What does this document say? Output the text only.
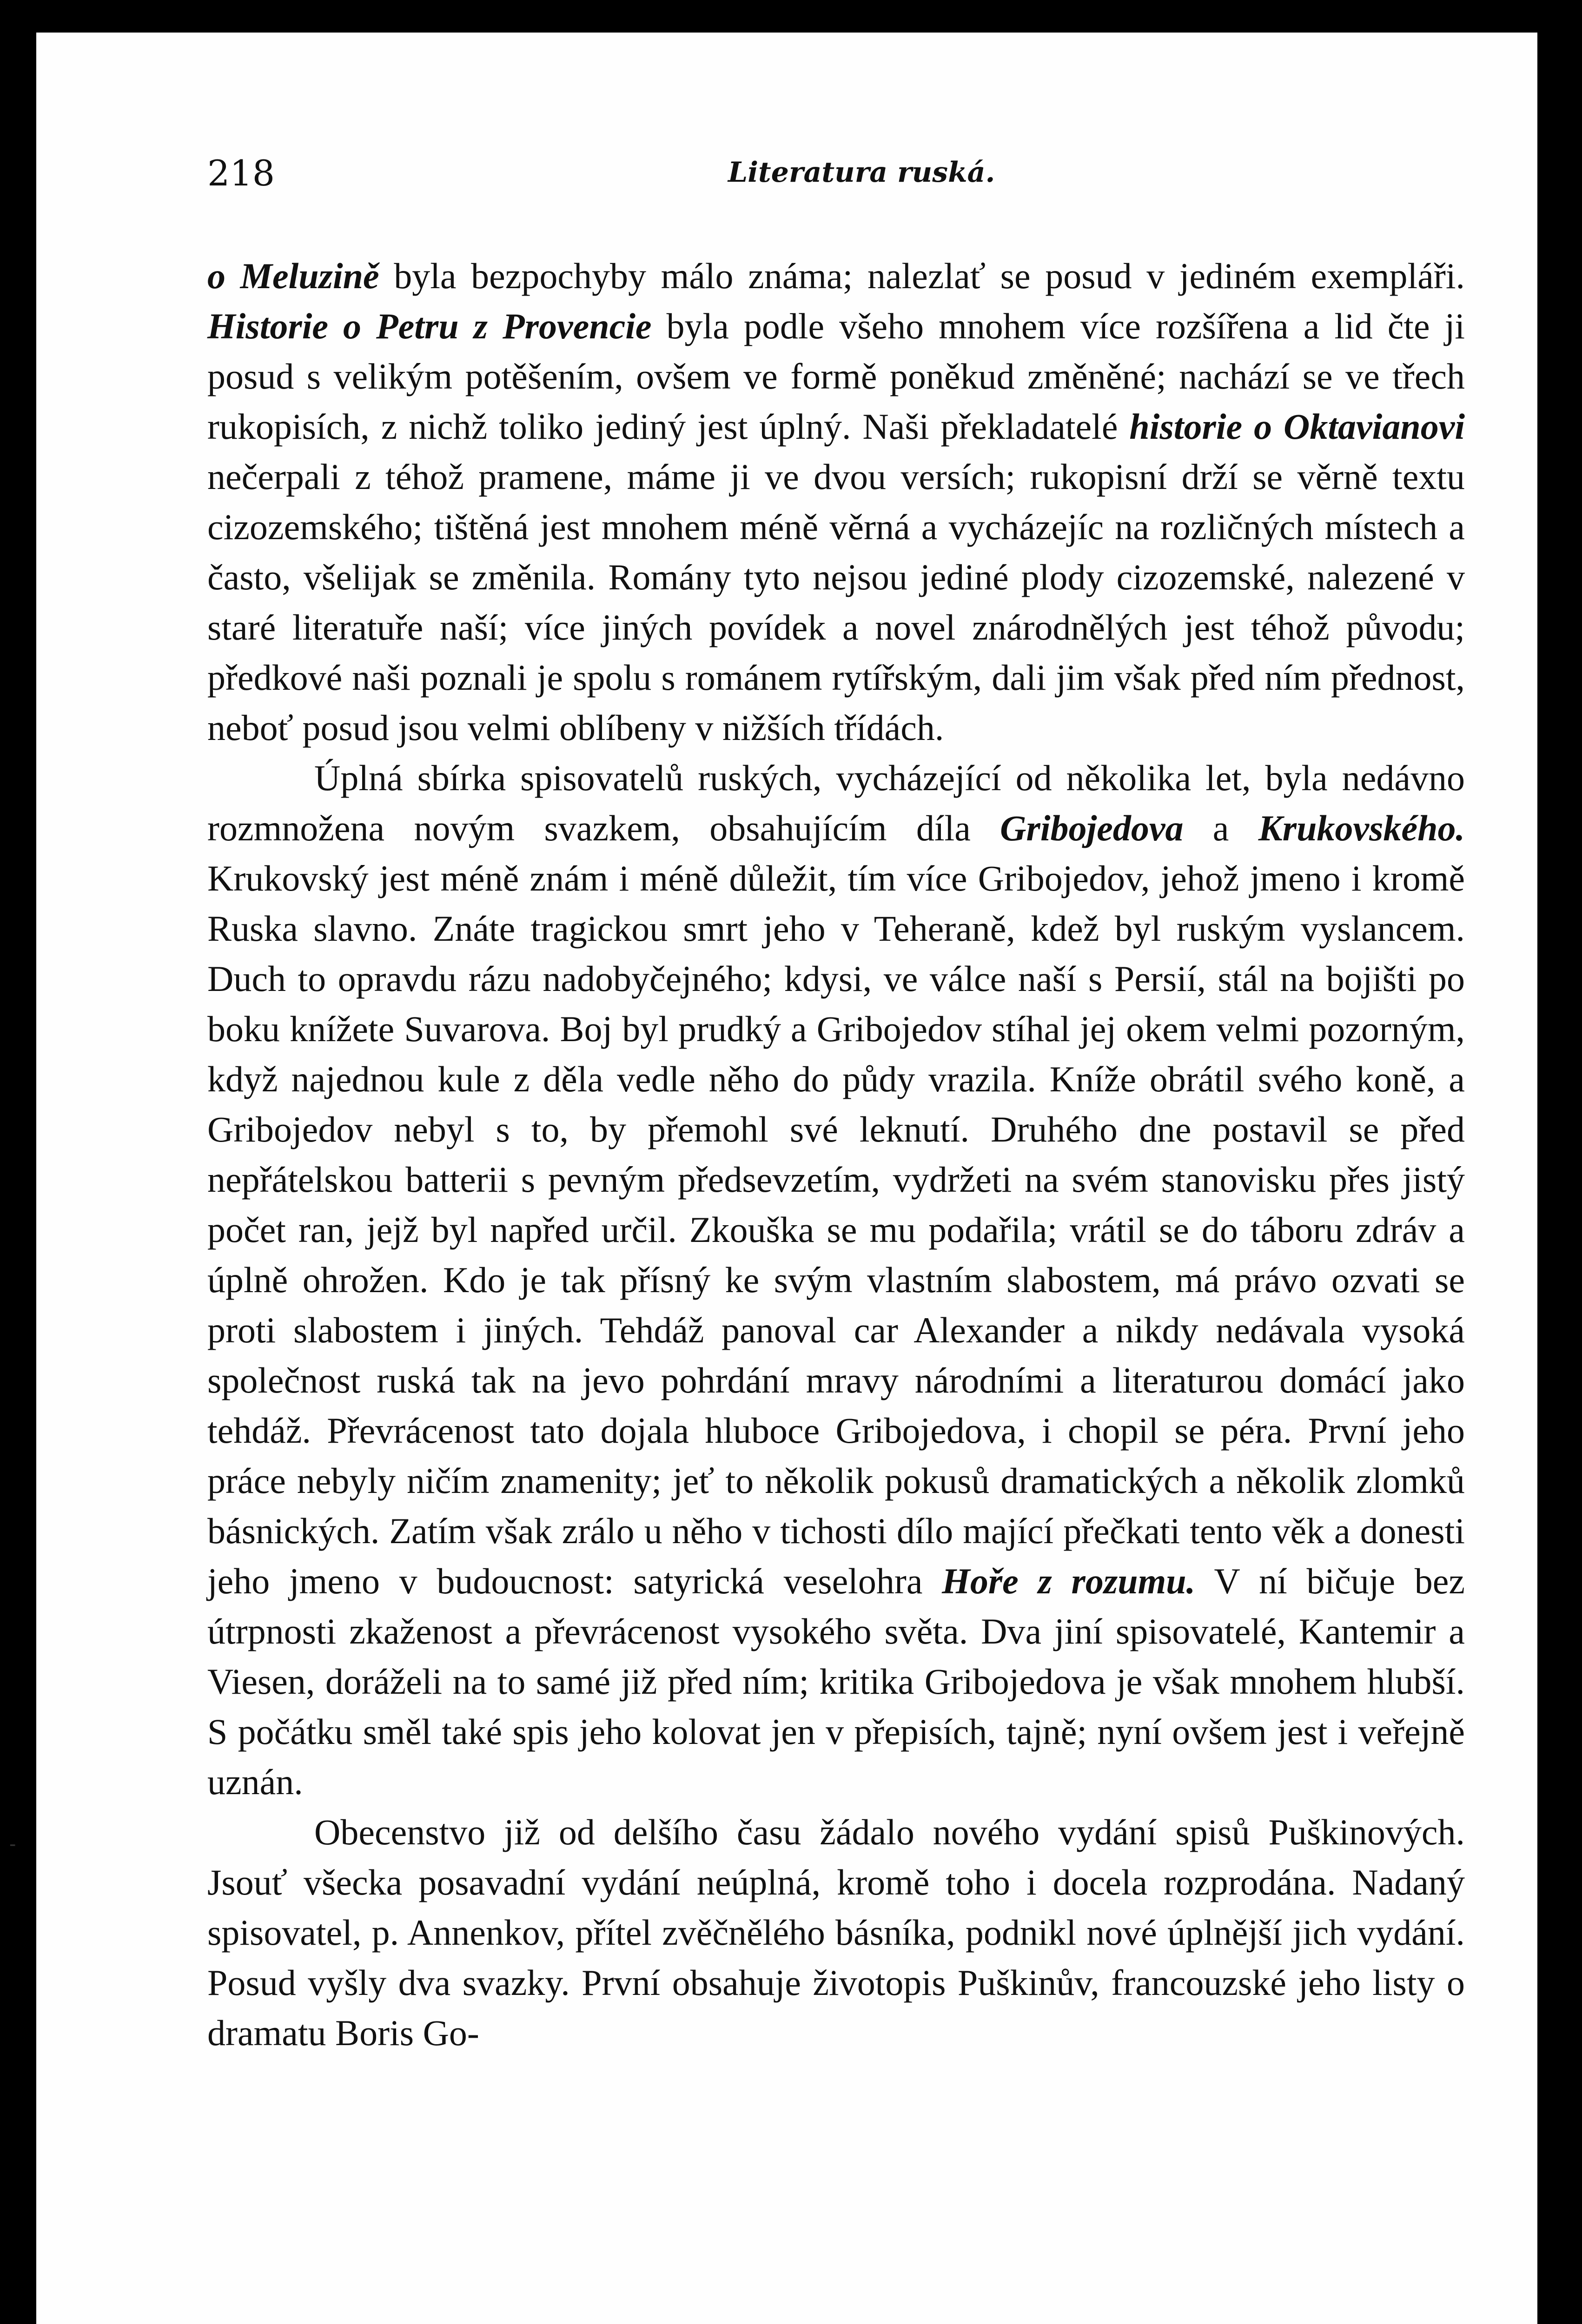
218	Literatura ruská.

o Meluzině byla bezpochyby málo známa; nalezlať se posud v jediném exempláři. Historie o Petru z Provencie byla podle všeho mnohem více rozšířena a lid čte ji posud s velikým potěšením, ovšem ve formě poněkud změněné; nachází se ve třech rukopisích, z nichž toliko jediný jest úplný. Naši překladatelé historie o Oktavianovi nečerpali z téhož pramene, máme ji ve dvou versích; rukopisní drží se věrně textu cizozemského; tištěná jest mnohem méně věrná a vycházejíc na rozličných místech a často, všelijak se změnila. Romány tyto nejsou jediné plody cizozemské, nalezené v staré literatuře naší; více jiných povídek a novel znárodnělých jest téhož původu; předkové naši poznali je spolu s románem rytířským, dali jim však před ním přednost, neboť posud jsou velmi oblíbeny v nižších třídách.

Úplná sbírka spisovatelů ruských, vycházející od několika let, byla nedávno rozmnožena novým svazkem, obsahujícím díla Gribojedova a Krukovského. Krukovský jest méně znám i méně důležit, tím více Gribojedov, jehož jmeno i kromě Ruska slavno. Znáte tragickou smrt jeho v Teheraně, kdež byl ruským vyslancem. Duch to opravdu rázu nadobyčejného; kdysi, ve válce naší s Persií, stál na bojišti po boku knížete Suvarova. Boj byl prudký a Gribojedov stíhal jej okem velmi pozorným, když najednou kule z děla vedle něho do půdy vrazila. Kníže obrátil svého koně, a Gribojedov nebyl s to, by přemohl své leknutí. Druhého dne postavil se před nepřátelskou batterii s pevným předsevzetím, vydržeti na svém stanovisku přes jistý počet ran, jejž byl napřed určil. Zkouška se mu podařila; vrátil se do táboru zdráv a úplně ohrožen. Kdo je tak přísný ke svým vlastním slabostem, má právo ozvati se proti slabostem i jiných. Tehdáž panoval car Alexander a nikdy nedávala vysoká společnost ruská tak na jevo pohrdání mravy národními a literaturou domácí jako tehdáž. Převrácenost tato dojala hluboce Gribojedova, i chopil se péra. První jeho práce nebyly ničím znamenity; jeť to několik pokusů dramatických a několik zlomků básnických. Zatím však zrálo u něho v tichosti dílo mající přečkati tento věk a donesti jeho jmeno v budoucnost: satyrická veselohra Hoře z rozumu. V ní bičuje bez útrpnosti zkaženost a převrácenost vysokého světa. Dva jiní spisovatelé, Kantemir a Viesen, doráželi na to samé již před ním; kritika Gribojedova je však mnohem hlubší. S počátku směl také spis jeho kolovat jen v přepisích, tajně; nyní ovšem jest i veřejně uznán.

Obecenstvo již od delšího času žádalo nového vydání spisů Puškinových. Jsouť všecka posavadní vydání neúplná, kromě toho i docela rozprodána. Nadaný spisovatel, p. Annenkov, přítel zvěčnělého básníka, podnikl nové úplnější jich vydání. Posud vyšly dva svazky. První obsahuje životopis Puškinův, francouzské jeho listy o dramatu Boris Go-

-
